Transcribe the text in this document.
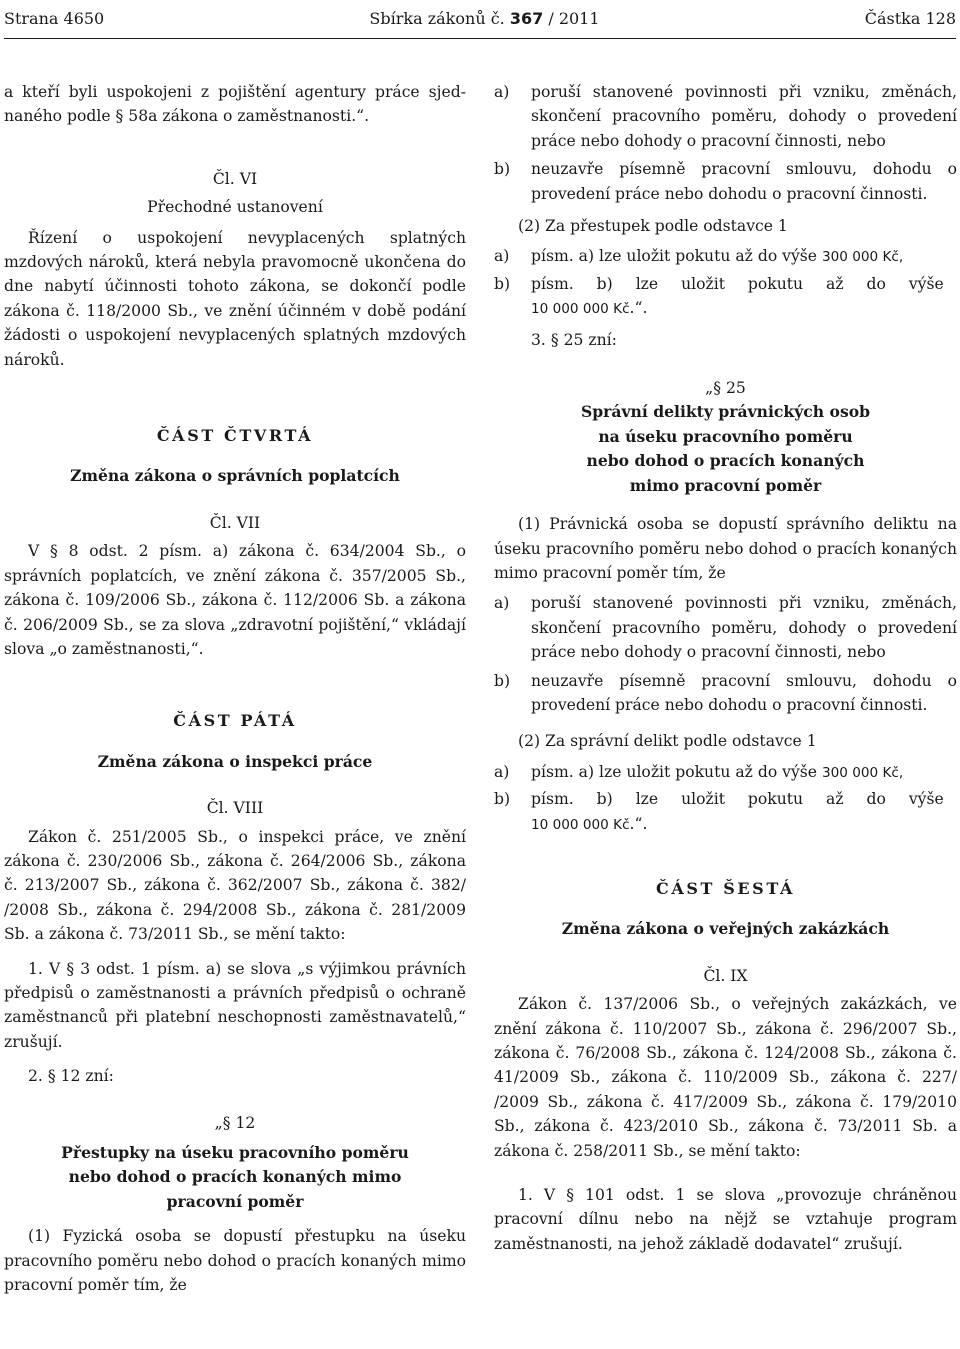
Strana 4650	Sbírka zákonů č. 367 / 2011	Částka 128
a kteří byli uspokojeni z pojištění agentury práce sjed-
naného podle § 58a zákona o zaměstnanosti.“.
Čl. VI
Přechodné ustanovení
Řízení o uspokojení nevyplacených splatných mzdových nároků, která nebyla pravomocně ukončena do dne nabytí účinnosti tohoto zákona, se dokončí podle zákona č. 118/2000 Sb., ve znění účinném v době podání žádosti o uspokojení nevyplacených splatných mzdových nároků.
ČÁST ČTVRTÁ
Změna zákona o správních poplatcích
Čl. VII
V § 8 odst. 2 písm. a) zákona č. 634/2004 Sb., o správních poplatcích, ve znění zákona č. 357/2005 Sb., zákona č. 109/2006 Sb., zákona č. 112/2006 Sb. a zákona č. 206/2009 Sb., se za slova „zdravotní pojištění,“ vkládají slova „o zaměstnanosti,“.
ČÁST PÁTÁ
Změna zákona o inspekci práce
Čl. VIII
Zákon č. 251/2005 Sb., o inspekci práce, ve znění zákona č. 230/2006 Sb., zákona č. 264/2006 Sb., zákona č. 213/2007 Sb., zákona č. 362/2007 Sb., zákona č. 382/ /2008 Sb., zákona č. 294/2008 Sb., zákona č. 281/2009 Sb. a zákona č. 73/2011 Sb., se mění takto:
1. V § 3 odst. 1 písm. a) se slova „s výjimkou právních předpisů o zaměstnanosti a právních předpisů o ochraně zaměstnanců při platební neschopnosti zaměstnavatelů,“ zrušují.
2. § 12 zní:
„§ 12
Přestupky na úseku pracovního poměru
nebo dohod o pracích konaných mimo
pracovní poměr
(1) Fyzická osoba se dopustí přestupku na úseku pracovního poměru nebo dohod o pracích konaných mimo pracovní poměr tím, že
a) poruší stanovené povinnosti při vzniku, změnách, skončení pracovního poměru, dohody o provedení práce nebo dohody o pracovní činnosti, nebo
b) neuzavře písemně pracovní smlouvu, dohodu o provedení práce nebo dohodu o pracovní činnosti.
(2) Za přestupek podle odstavce 1
a) písm. a) lze uložit pokutu až do výše 300 000 Kč,
b) písm. b) lze uložit pokutu až do výše
10 000 000 Kč.“.
3. § 25 zní:
„§ 25
Správní delikty právnických osob
na úseku pracovního poměru
nebo dohod o pracích konaných
mimo pracovní poměr
(1) Právnická osoba se dopustí správního deliktu na úseku pracovního poměru nebo dohod o pracích konaných mimo pracovní poměr tím, že
a) poruší stanovené povinnosti při vzniku, změnách, skončení pracovního poměru, dohody o provedení práce nebo dohody o pracovní činnosti, nebo
b) neuzavře písemně pracovní smlouvu, dohodu o provedení práce nebo dohodu o pracovní činnosti.
(2) Za správní delikt podle odstavce 1
a) písm. a) lze uložit pokutu až do výše 300 000 Kč,
b) písm. b) lze uložit pokutu až do výše
10 000 000 Kč.“.
ČÁST ŠESTÁ
Změna zákona o veřejných zakázkách
Čl. IX
Zákon č. 137/2006 Sb., o veřejných zakázkách, ve znění zákona č. 110/2007 Sb., zákona č. 296/2007 Sb., zákona č. 76/2008 Sb., zákona č. 124/2008 Sb., zákona č. 41/2009 Sb., zákona č. 110/2009 Sb., zákona č. 227/ /2009 Sb., zákona č. 417/2009 Sb., zákona č. 179/2010 Sb., zákona č. 423/2010 Sb., zákona č. 73/2011 Sb. a zákona č. 258/2011 Sb., se mění takto:
1. V § 101 odst. 1 se slova „provozuje chráněnou pracovní dílnu nebo na nějž se vztahuje program zaměstnanosti, na jehož základě dodavatel“ zrušují.
